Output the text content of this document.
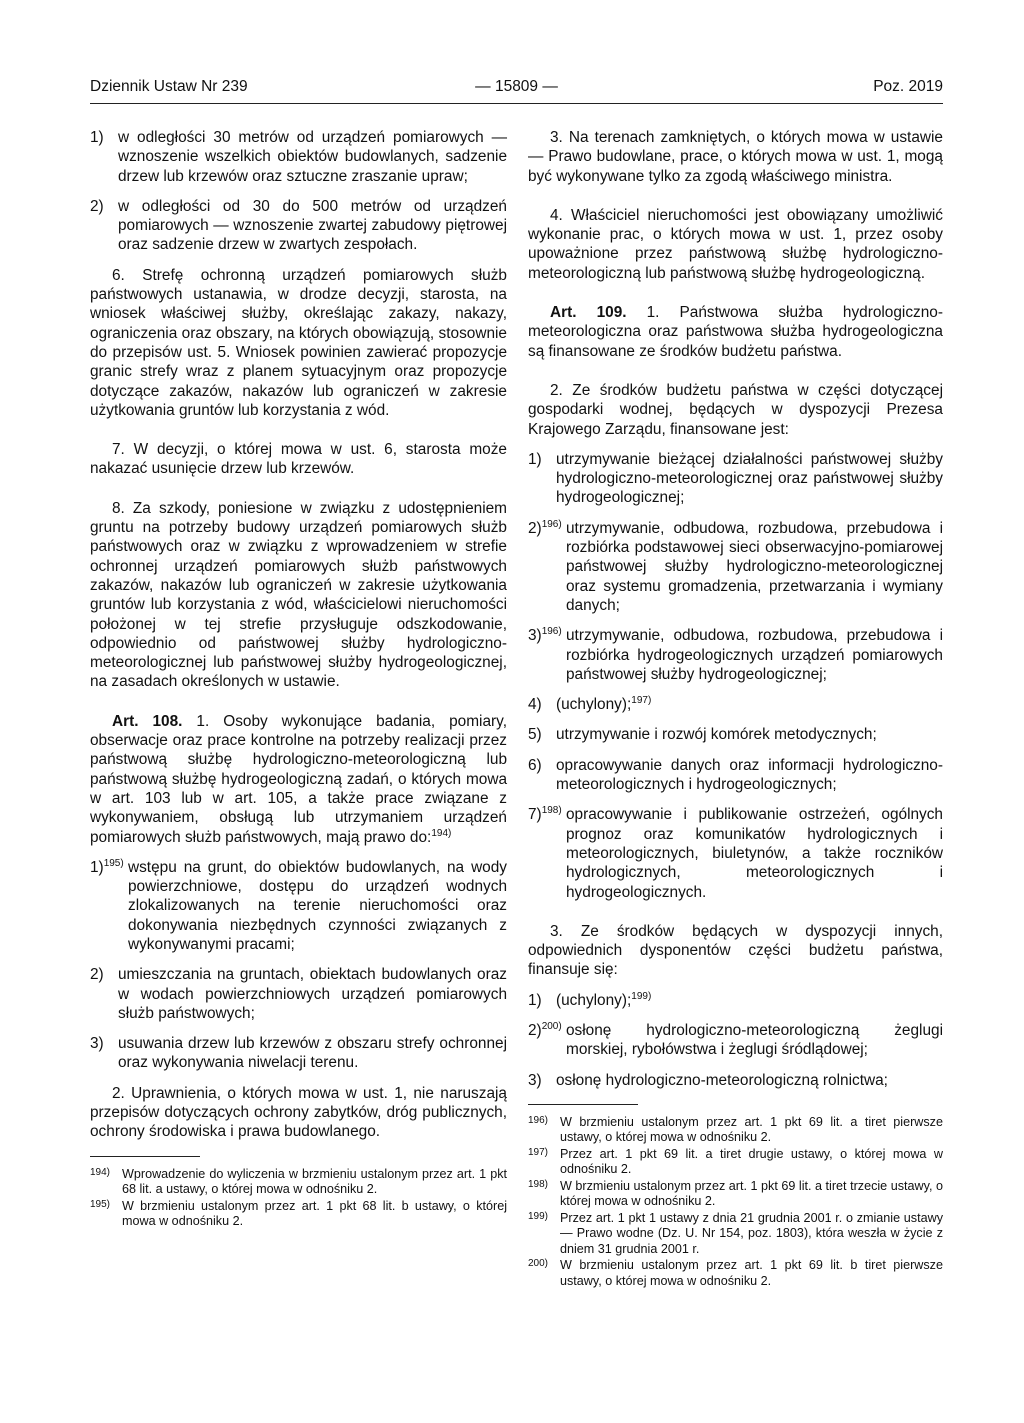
Dziennik Ustaw Nr 239	— 15809 —	Poz. 2019
1) w odległości 30 metrów od urządzeń pomiarowych — wznoszenie wszelkich obiektów budowlanych, sadzenie drzew lub krzewów oraz sztuczne zraszanie upraw;
2) w odległości od 30 do 500 metrów od urządzeń pomiarowych — wznoszenie zwartej zabudowy piętrowej oraz sadzenie drzew w zwartych zespołach.

6. Strefę ochronną urządzeń pomiarowych służb państwowych ustanawia, w drodze decyzji, starosta, na wniosek właściwej służby, określając zakazy, nakazy, ograniczenia oraz obszary, na których obowiązują, stosownie do przepisów ust. 5. Wniosek powinien zawierać propozycje granic strefy wraz z planem sytuacyjnym oraz propozycje dotyczące zakazów, nakazów lub ograniczeń w zakresie użytkowania gruntów lub korzystania z wód.

7. W decyzji, o której mowa w ust. 6, starosta może nakazać usunięcie drzew lub krzewów.

8. Za szkody, poniesione w związku z udostępnieniem gruntu na potrzeby budowy urządzeń pomiarowych służb państwowych oraz w związku z wprowadzeniem w strefie ochronnej urządzeń pomiarowych służb państwowych zakazów, nakazów lub ograniczeń w zakresie użytkowania gruntów lub korzystania z wód, właścicielowi nieruchomości położonej w tej strefie przysługuje odszkodowanie, odpowiednio od państwowej służby hydrologiczno-meteorologicznej lub państwowej służby hydrogeologicznej, na zasadach określonych w ustawie.

Art. 108. 1. Osoby wykonujące badania, pomiary, obserwacje oraz prace kontrolne na potrzeby realizacji przez państwową służbę hydrologiczno-meteorologiczną lub państwową służbę hydrogeologiczną zadań, o których mowa w art. 103 lub w art. 105, a także prace związane z wykonywaniem, obsługą lub utrzymaniem urządzeń pomiarowych służb państwowych, mają prawo do:$^{194)}$

1)$^{195)}$ wstępu na grunt, do obiektów budowlanych, na wody powierzchniowe, dostępu do urządzeń wodnych zlokalizowanych na terenie nieruchomości oraz dokonywania niezbędnych czynności związanych z wykonywanymi pracami;
2) umieszczania na gruntach, obiektach budowlanych oraz w wodach powierzchniowych urządzeń pomiarowych służb państwowych;
3) usuwania drzew lub krzewów z obszaru strefy ochronnej oraz wykonywania niwelacji terenu.

2. Uprawnienia, o których mowa w ust. 1, nie naruszają przepisów dotyczących ochrony zabytków, dróg publicznych, ochrony środowiska i prawa budowlanego.

194) Wprowadzenie do wyliczenia w brzmieniu ustalonym przez art. 1 pkt 68 lit. a ustawy, o której mowa w odnośniku 2.
195) W brzmieniu ustalonym przez art. 1 pkt 68 lit. b ustawy, o której mowa w odnośniku 2.

3. Na terenach zamkniętych, o których mowa w ustawie — Prawo budowlane, prace, o których mowa w ust. 1, mogą być wykonywane tylko za zgodą właściwego ministra.

4. Właściciel nieruchomości jest obowiązany umożliwić wykonanie prac, o których mowa w ust. 1, przez osoby upoważnione przez państwową służbę hydrologiczno-meteorologiczną lub państwową służbę hydrogeologiczną.

Art. 109. 1. Państwowa służba hydrologiczno-meteorologiczna oraz państwowa służba hydrogeologiczna są finansowane ze środków budżetu państwa.

2. Ze środków budżetu państwa w części dotyczącej gospodarki wodnej, będących w dyspozycji Prezesa Krajowego Zarządu, finansowane jest:

1) utrzymywanie bieżącej działalności państwowej służby hydrologiczno-meteorologicznej oraz państwowej służby hydrogeologicznej;
2)$^{196)}$ utrzymywanie, odbudowa, rozbudowa, przebudowa i rozbiórka podstawowej sieci obserwacyjno-pomiarowej państwowej służby hydrologiczno-meteorologicznej oraz systemu gromadzenia, przetwarzania i wymiany danych;
3)$^{196)}$ utrzymywanie, odbudowa, rozbudowa, przebudowa i rozbiórka hydrogeologicznych urządzeń pomiarowych państwowej służby hydrogeologicznej;
4) (uchylony);$^{197)}$
5) utrzymywanie i rozwój komórek metodycznych;
6) opracowywanie danych oraz informacji hydrologiczno-meteorologicznych i hydrogeologicznych;
7)$^{198)}$ opracowywanie i publikowanie ostrzeżeń, ogólnych prognoz oraz komunikatów hydrologicznych i meteorologicznych, biuletynów, a także roczników hydrologicznych, meteorologicznych i hydrogeologicznych.

3. Ze środków będących w dyspozycji innych, odpowiednich dysponentów części budżetu państwa, finansuje się:

1) (uchylony);$^{199)}$
2)$^{200)}$ osłonę hydrologiczno-meteorologiczną żeglugi morskiej, rybołówstwa i żeglugi śródlądowej;
3) osłonę hydrologiczno-meteorologiczną rolnictwa;
196) W brzmieniu ustalonym przez art. 1 pkt 69 lit. a tiret pierwsze ustawy, o której mowa w odnośniku 2.
197) Przez art. 1 pkt 69 lit. a tiret drugie ustawy, o której mowa w odnośniku 2.
198) W brzmieniu ustalonym przez art. 1 pkt 69 lit. a tiret trzecie ustawy, o której mowa w odnośniku 2.
199) Przez art. 1 pkt 1 ustawy z dnia 21 grudnia 2001 r. o zmianie ustawy — Prawo wodne (Dz. U. Nr 154, poz. 1803), która weszła w życie z dniem 31 grudnia 2001 r.
200) W brzmieniu ustalonym przez art. 1 pkt 69 lit. b tiret pierwsze ustawy, o której mowa w odnośniku 2.
